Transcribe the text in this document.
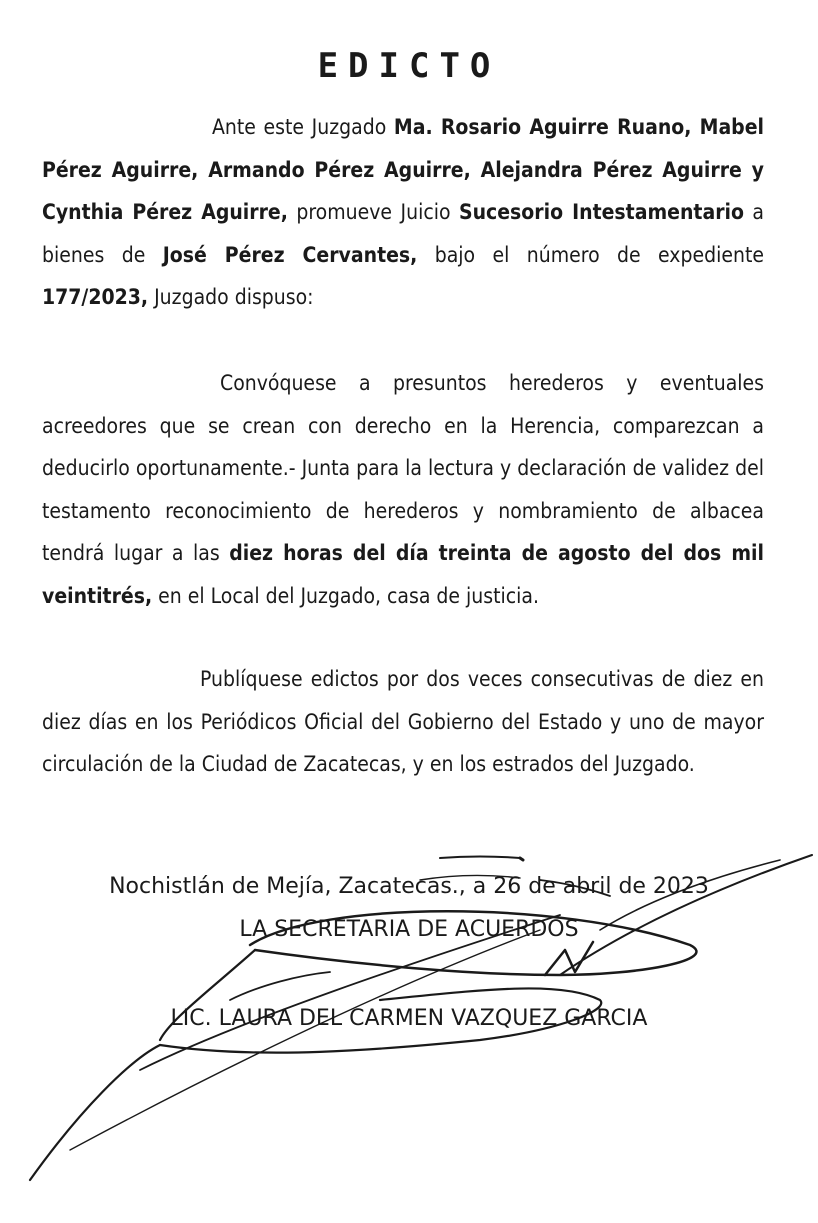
EDICTO
Ante este Juzgado Ma. Rosario Aguirre Ruano, Mabel Pérez Aguirre, Armando Pérez Aguirre, Alejandra Pérez Aguirre y Cynthia Pérez Aguirre, promueve Juicio Sucesorio Intestamentario a bienes de José Pérez Cervantes, bajo el número de expediente 177/2023, Juzgado dispuso:
Convóquese a presuntos herederos y eventuales acreedores que se crean con derecho en la Herencia, comparezcan a deducirlo oportunamente.- Junta para la lectura y declaración de validez del testamento reconocimiento de herederos y nombramiento de albacea tendrá lugar a las diez horas del día treinta de agosto del dos mil veintitrés, en el Local del Juzgado, casa de justicia.
Publíquese edictos por dos veces consecutivas de diez en diez días en los Periódicos Oficial del Gobierno del Estado y uno de mayor circulación de la Ciudad de Zacatecas, y en los estrados del Juzgado.
Nochistlán de Mejía, Zacatecas., a 26 de abril de 2023
LA SECRETARIA DE ACUERDOS
LIC. LAURA DEL CARMEN VAZQUEZ GARCIA
